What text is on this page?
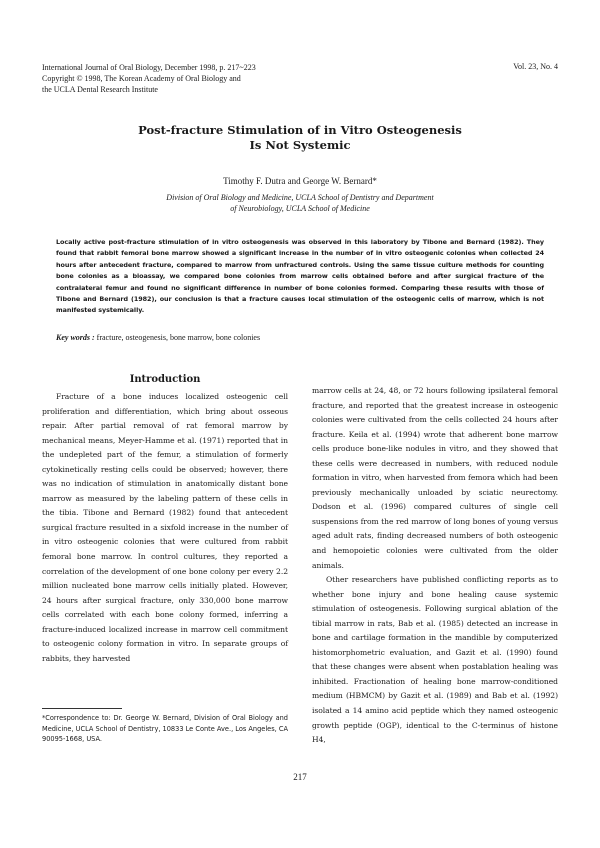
International Journal of Oral Biology, December 1998, p. 217~223
Copyright © 1998, The Korean Academy of Oral Biology and
the UCLA Dental Research Institute
Vol. 23, No. 4
Post-fracture Stimulation of in Vitro Osteogenesis
Is Not Systemic
Timothy F. Dutra and George W. Bernard*
Division of Oral Biology and Medicine, UCLA School of Dentistry and Department
of Neurobiology, UCLA School of Medicine
Locally active post-fracture stimulation of in vitro osteogenesis was observed in this laboratory by Tibone and Bernard (1982). They found that rabbit femoral bone marrow showed a significant increase in the number of in vitro osteogenic colonies when collected 24 hours after antecedent fracture, compared to marrow from unfractured controls. Using the same tissue culture methods for counting bone colonies as a bioassay, we compared bone colonies from marrow cells obtained before and after surgical fracture of the contralateral femur and found no significant difference in number of bone colonies formed. Comparing these results with those of Tibone and Bernard (1982), our conclusion is that a fracture causes local stimulation of the osteogenic cells of marrow, which is not manifested systemically.
Key words : fracture, osteogenesis, bone marrow, bone colonies
Introduction

Fracture of a bone induces localized osteogenic cell proliferation and differentiation, which bring about osseous repair. After partial removal of rat femoral marrow by mechanical means, Meyer-Hamme et al. (1971) reported that in the undepleted part of the femur, a stimulation of formerly cytokinetically resting cells could be observed; however, there was no indication of stimulation in anatomically distant bone marrow as measured by the labeling pattern of these cells in the tibia. Tibone and Bernard (1982) found that antecedent surgical fracture resulted in a sixfold increase in the number of in vitro osteogenic colonies that were cultured from rabbit femoral bone marrow. In control cultures, they reported a correlation of the development of one bone colony per every 2.2 million nucleated bone marrow cells initially plated. However, 24 hours after surgical fracture, only 330,000 bone marrow cells correlated with each bone colony formed, inferring a fracture-induced localized increase in marrow cell commitment to osteogenic colony formation in vitro. In separate groups of rabbits, they harvested

marrow cells at 24, 48, or 72 hours following ipsilateral femoral fracture, and reported that the greatest increase in osteogenic colonies were cultivated from the cells collected 24 hours after fracture. Keila et al. (1994) wrote that adherent bone marrow cells produce bone-like nodules in vitro, and they showed that these cells were decreased in numbers, with reduced nodule formation in vitro, when harvested from femora which had been previously mechanically unloaded by sciatic neurectomy. Dodson et al. (1996) compared cultures of single cell suspensions from the red marrow of long bones of young versus aged adult rats, finding decreased numbers of both osteogenic and hemopoietic colonies were cultivated from the older animals.

Other researchers have published conflicting reports as to whether bone injury and bone healing cause systemic stimulation of osteogenesis. Following surgical ablation of the tibial marrow in rats, Bab et al. (1985) detected an increase in bone and cartilage formation in the mandible by computerized histomorphometric evaluation, and Gazit et al. (1990) found that these changes were absent when postablation healing was inhibited. Fractionation of healing bone marrow-conditioned medium (HBMCM) by Gazit et al. (1989) and Bab et al. (1992) isolated a 14 amino acid peptide which they named osteogenic growth peptide (OGP), identical to the C-terminus of histone H4,

*Correspondence to: Dr. George W. Bernard, Division of Oral Biology and Medicine, UCLA School of Dentistry, 10833 Le Conte Ave., Los Angeles, CA 90095-1668, USA.
217
